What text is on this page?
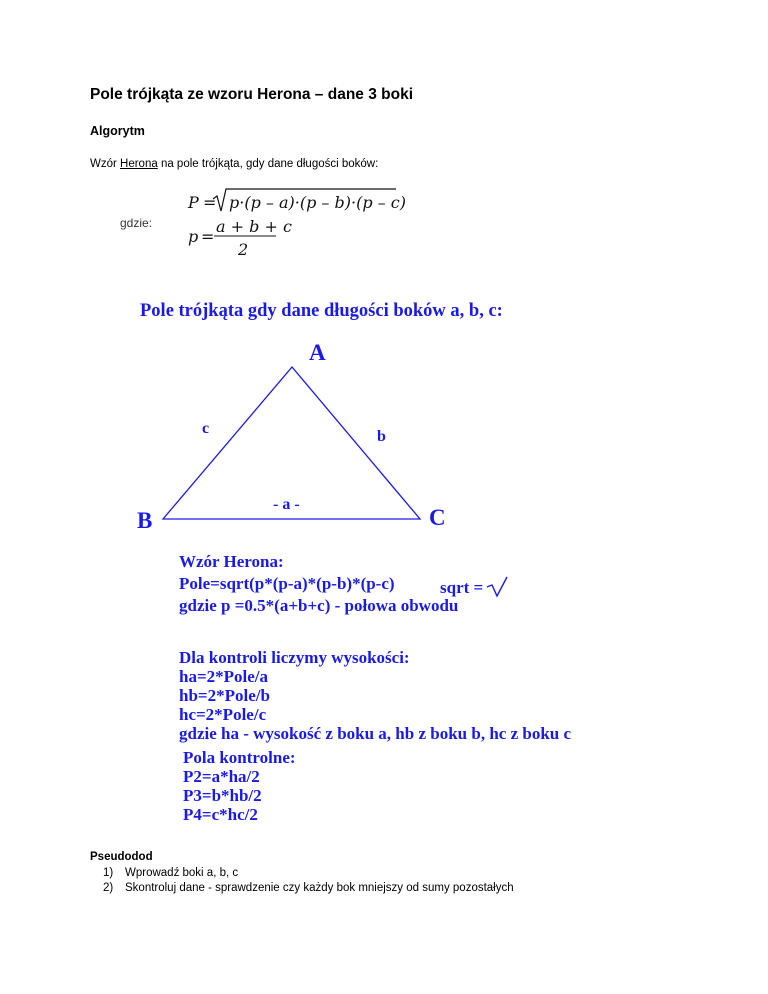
Pole trójkąta ze wzoru Herona – dane 3 boki
Algorytm
Wzór Herona na pole trójkąta, gdy dane długości boków:
gdzie:
P = p·(p – a)·(p – b)·(p – c)
p =
a + b + c
2
Pole trójkąta gdy dane długości boków a, b, c:
A
B	C
c	b
- a -
Wzór Herona:
Pole=sqrt(p*(p-a)*(p-b)*(p-c)
gdzie p =0.5*(a+b+c) - połowa obwodu
sqrt =
Dla kontroli liczymy wysokości:
ha=2*Pole/a
hb=2*Pole/b
hc=2*Pole/c
gdzie ha - wysokość z boku a, hb z boku b, hc z boku c
Pola kontrolne:
P2=a*ha/2
P3=b*hb/2
P4=c*hc/2
Pseudodod
1) Wprowadź boki a, b, c
2) Skontroluj dane - sprawdzenie czy każdy bok mniejszy od sumy pozostałych
